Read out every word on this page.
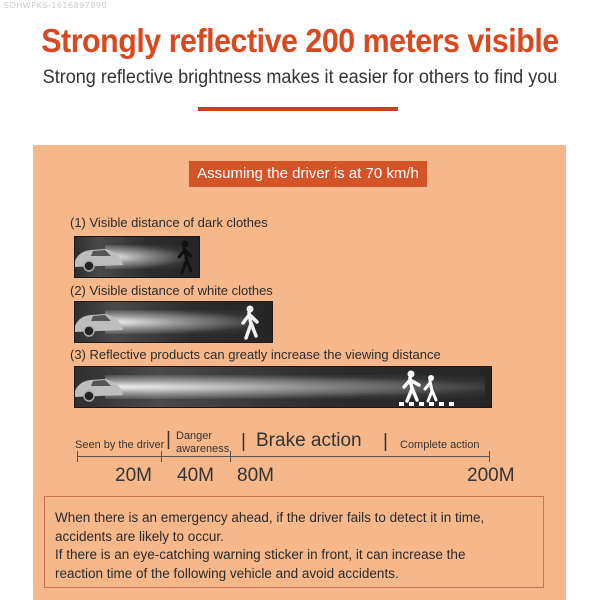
SDHWPKS-1616897890
Strongly reflective 200 meters visible
Strong reflective brightness makes it easier for others to find you
Assuming the driver is at 70 km/h
(1) Visible distance of dark clothes
(2) Visible distance of white clothes
(3) Reflective products can greatly increase the viewing distance
Seen by the driver | Danger
awareness | Brake action | Complete action
20M 40M 80M	200M

When there is an emergency ahead, if the driver fails to detect it in time,

accidents are likely to occur.

If there is an eye-catching warning sticker in front, it can increase the

reaction time of the following vehicle and avoid accidents.
